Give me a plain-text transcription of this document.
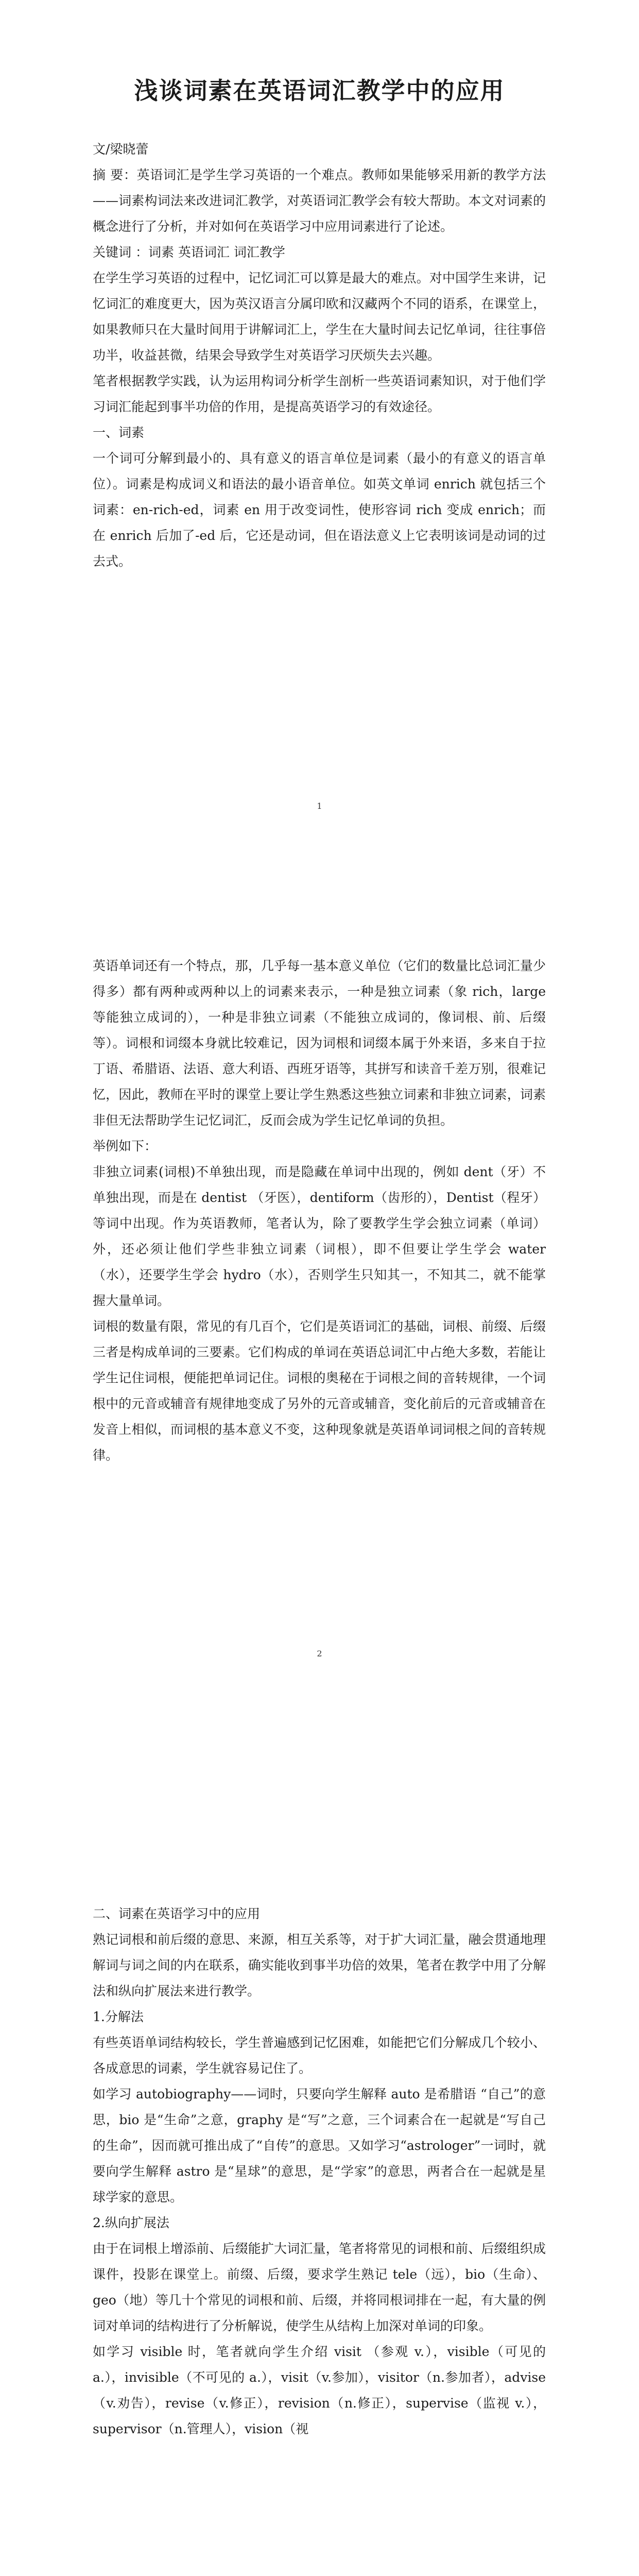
浅谈词素在英语词汇教学中的应用

文/梁晓蕾

摘 要：英语词汇是学生学习英语的一个难点。教师如果能够采用新的教学方法——词素构词法来改进词汇教学，对英语词汇教学会有较大帮助。本文对词素的概念进行了分析，并对如何在英语学习中应用词素进行了论述。

关键词 ：词素 英语词汇 词汇教学

在学生学习英语的过程中，记忆词汇可以算是最大的难点。对中国学生来讲，记忆词汇的难度更大，因为英汉语言分属印欧和汉藏两个不同的语系，在课堂上，如果教师只在大量时间用于讲解词汇上，学生在大量时间去记忆单词，往往事倍功半，收益甚微，结果会导致学生对英语学习厌烦失去兴趣。

笔者根据教学实践，认为运用构词分析学生剖析一些英语词素知识，对于他们学习词汇能起到事半功倍的作用，是提高英语学习的有效途径。

一、词素

一个词可分解到最小的、具有意义的语言单位是词素（最小的有意义的语言单位）。词素是构成词义和语法的最小语音单位。如英文单词 enrich 就包括三个词素：en-rich-ed，词素 en 用于改变词性，使形容词 rich 变成 enrich；而在 enrich 后加了-ed 后，它还是动词，但在语法意义上它表明该词是动词的过去式。

1

英语单词还有一个特点，那，几乎每一基本意义单位（它们的数量比总词汇量少得多）都有两种或两种以上的词素来表示，一种是独立词素（象 rich，large 等能独立成词的），一种是非独立词素（不能独立成词的，像词根、前、后缀等）。词根和词缀本身就比较难记，因为词根和词缀本属于外来语，多来自于拉丁语、希腊语、法语、意大利语、西班牙语等，其拼写和读音千差万别，很难记忆，因此，教师在平时的课堂上要让学生熟悉这些独立词素和非独立词素，词素非但无法帮助学生记忆词汇，反而会成为学生记忆单词的负担。

举例如下：

非独立词素(词根)不单独出现，而是隐藏在单词中出现的，例如 dent（牙）不单独出现，而是在 dentist （牙医），dentiform（齿形的），Dentist（程牙）等词中出现。作为英语教师，笔者认为，除了要教学生学会独立词素（单词）外，还必须让他们学些非独立词素（词根），即不但要让学生学会 water（水），还要学生学会 hydro（水），否则学生只知其一，不知其二，就不能掌握大量单词。

词根的数量有限，常见的有几百个，它们是英语词汇的基础，词根、前缀、后缀三者是构成单词的三要素。它们构成的单词在英语总词汇中占绝大多数，若能让学生记住词根，便能把单词记住。词根的奥秘在于词根之间的音转规律，一个词根中的元音或辅音有规律地变成了另外的元音或辅音，变化前后的元音或辅音在发音上相似，而词根的基本意义不变，这种现象就是英语单词词根之间的音转规律。

2

二、词素在英语学习中的应用

熟记词根和前后缀的意思、来源，相互关系等，对于扩大词汇量，融会贯通地理解词与词之间的内在联系，确实能收到事半功倍的效果，笔者在教学中用了分解法和纵向扩展法来进行教学。

1.分解法

有些英语单词结构较长，学生普遍感到记忆困难，如能把它们分解成几个较小、各成意思的词素，学生就容易记住了。

如学习 autobiography——词时，只要向学生解释 auto 是希腊语 “自己”的意思，bio 是“生命”之意，graphy 是“写”之意，三个词素合在一起就是“写自己的生命”，因而就可推出成了“自传”的意思。又如学习“astrologer”一词时，就要向学生解释 astro 是“星球”的意思，是“学家”的意思，两者合在一起就是星球学家的意思。

2.纵向扩展法

由于在词根上增添前、后缀能扩大词汇量，笔者将常见的词根和前、后缀组织成课件，投影在课堂上。前缀、后缀，要求学生熟记 tele（远），bio（生命）、geo（地）等几十个常见的词根和前、后缀，并将同根词排在一起，有大量的例词对单词的结构进行了分析解说，使学生从结构上加深对单词的印象。

如学习 visible 时，笔者就向学生介绍 visit （参观 v.），visible（可见的 a.），invisible（不可见的 a.），visit（v.参加），visitor（n.参加者），advise（v.劝告），revise（v.修正），revision（n.修正），supervise（监视 v.），supervisor（n.管理人），vision（视
